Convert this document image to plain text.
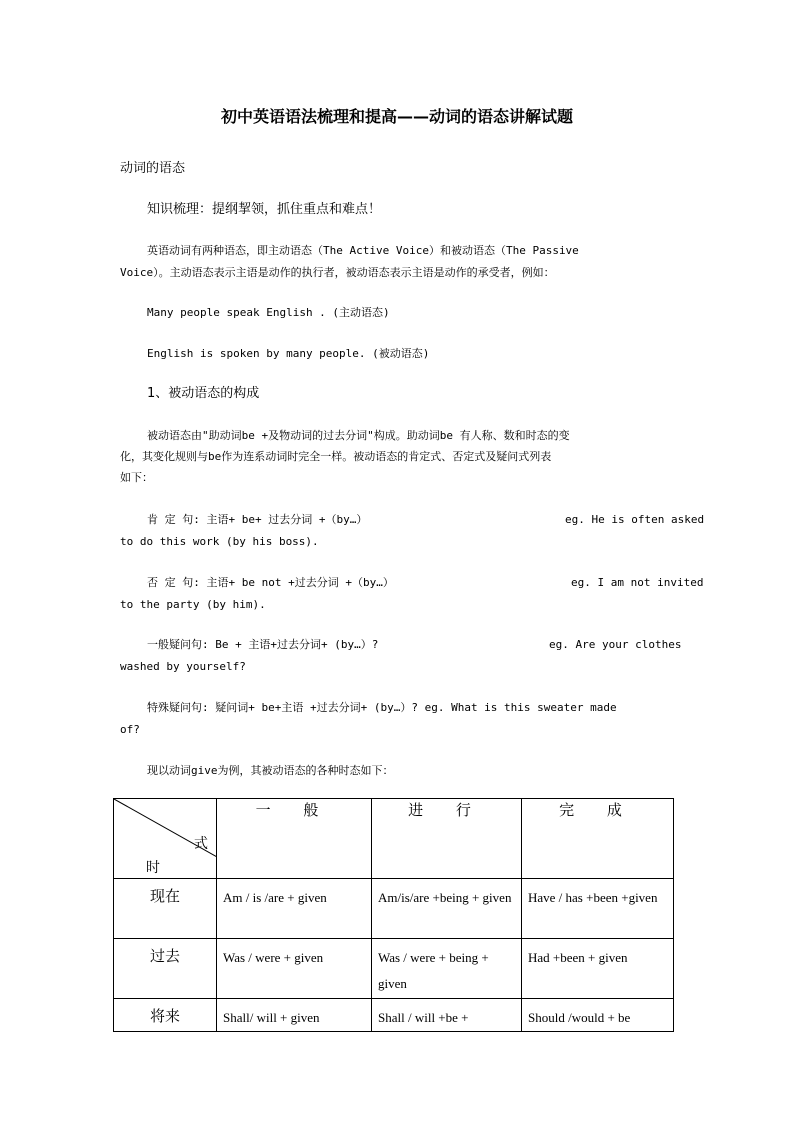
初中英语语法梳理和提高——动词的语态讲解试题
动词的语态
知识梳理：提纲挈领，抓住重点和难点！
英语动词有两种语态，即主动语态（The Active Voice）和被动语态（The Passive
Voice）。主动语态表示主语是动作的执行者，被动语态表示主语是动作的承受者，例如：
Many people speak English . (主动语态)
English is spoken by many people. (被动语态)
1、被动语态的构成
被动语态由"助动词be +及物动词的过去分词"构成。助动词be 有人称、数和时态的变
化，其变化规则与be作为连系动词时完全一样。被动语态的肯定式、否定式及疑问式列表
如下：
肯 定 句: 主语+ be+ 过去分词 +（by…）	eg. He is often asked
to do this work (by his boss).
否 定 句: 主语+ be not +过去分词 +（by…）	eg. I am not invited
to the party (by him).
一般疑问句: Be + 主语+过去分词+ (by…）?	eg. Are your clothes
washed by yourself?
特殊疑问句: 疑问词+ be+主语 +过去分词+ (by…）? eg. What is this sweater made
of?
现以动词give为例，其被动语态的各种时态如下：
式
时	一 般	进 行	完 成
现在	Am / is /are + given	Am/is/are +being + given	Have / has +been +given
过去	Was / were + given	Was / were + being + given	Had +been + given
将来	Shall/ will + given	Shall / will +be +	Should /would + be
